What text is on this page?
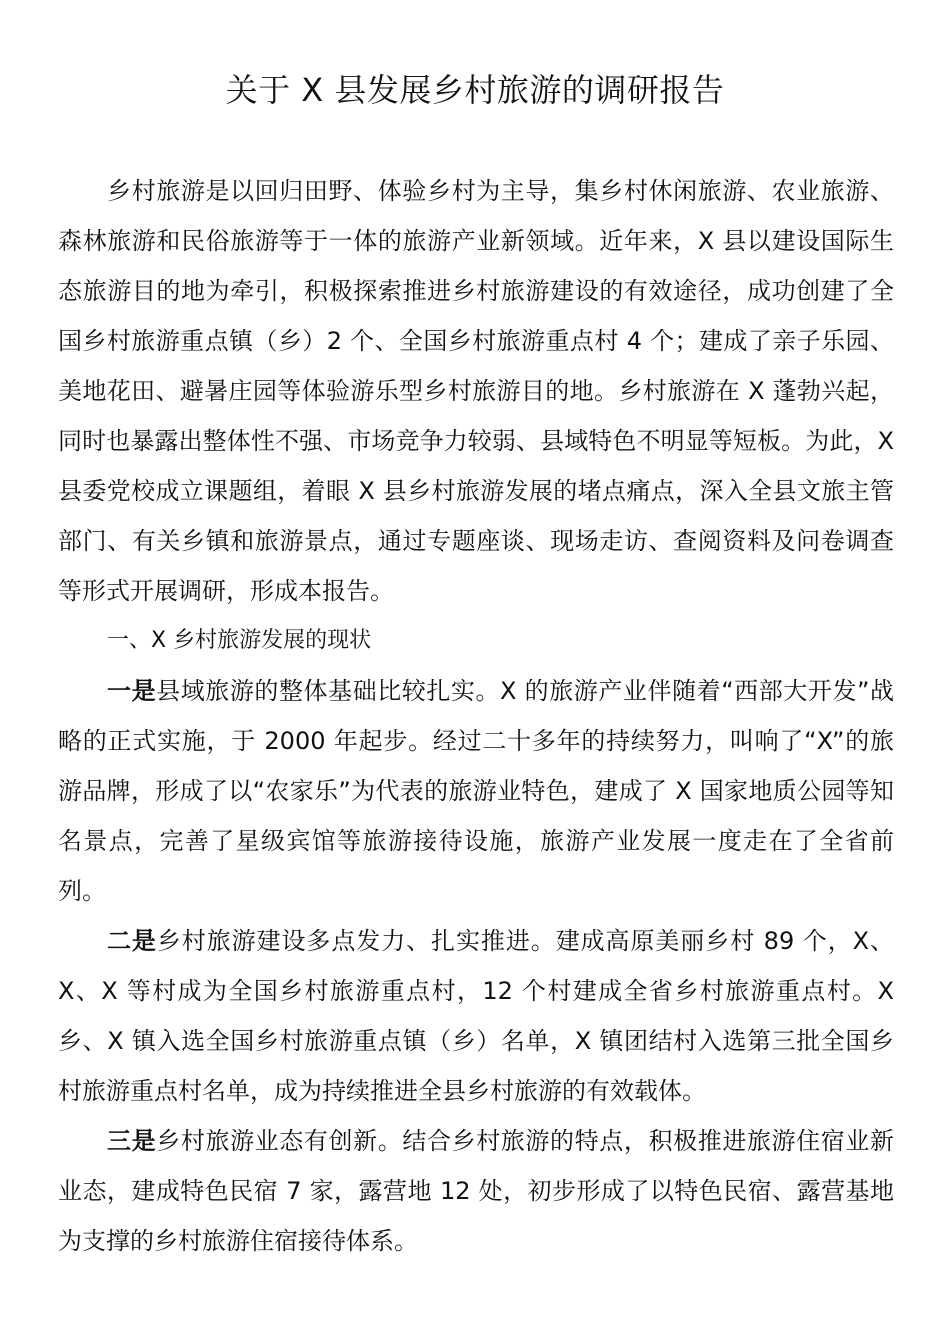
关于 X 县发展乡村旅游的调研报告

乡村旅游是以回归田野、体验乡村为主导，集乡村休闲旅游、农业旅游、森林旅游和民俗旅游等于一体的旅游产业新领域。近年来，X 县以建设国际生态旅游目的地为牵引，积极探索推进乡村旅游建设的有效途径，成功创建了全国乡村旅游重点镇（乡）2 个、全国乡村旅游重点村 4 个；建成了亲子乐园、美地花田、避暑庄园等体验游乐型乡村旅游目的地。乡村旅游在 X 蓬勃兴起，同时也暴露出整体性不强、市场竞争力较弱、县域特色不明显等短板。为此，X 县委党校成立课题组，着眼 X 县乡村旅游发展的堵点痛点，深入全县文旅主管部门、有关乡镇和旅游景点，通过专题座谈、现场走访、查阅资料及问卷调查等形式开展调研，形成本报告。

一、X 乡村旅游发展的现状

一是县域旅游的整体基础比较扎实。X 的旅游产业伴随着“西部大开发”战略的正式实施，于 2000 年起步。经过二十多年的持续努力，叫响了“X”的旅游品牌，形成了以“农家乐”为代表的旅游业特色，建成了 X 国家地质公园等知名景点，完善了星级宾馆等旅游接待设施，旅游产业发展一度走在了全省前列。

二是乡村旅游建设多点发力、扎实推进。建成高原美丽乡村 89 个，X、X、X 等村成为全国乡村旅游重点村，12 个村建成全省乡村旅游重点村。X 乡、X 镇入选全国乡村旅游重点镇（乡）名单，X 镇团结村入选第三批全国乡村旅游重点村名单，成为持续推进全县乡村旅游的有效载体。

三是乡村旅游业态有创新。结合乡村旅游的特点，积极推进旅游住宿业新业态，建成特色民宿 7 家，露营地 12 处，初步形成了以特色民宿、露营基地为支撑的乡村旅游住宿接待体系。
